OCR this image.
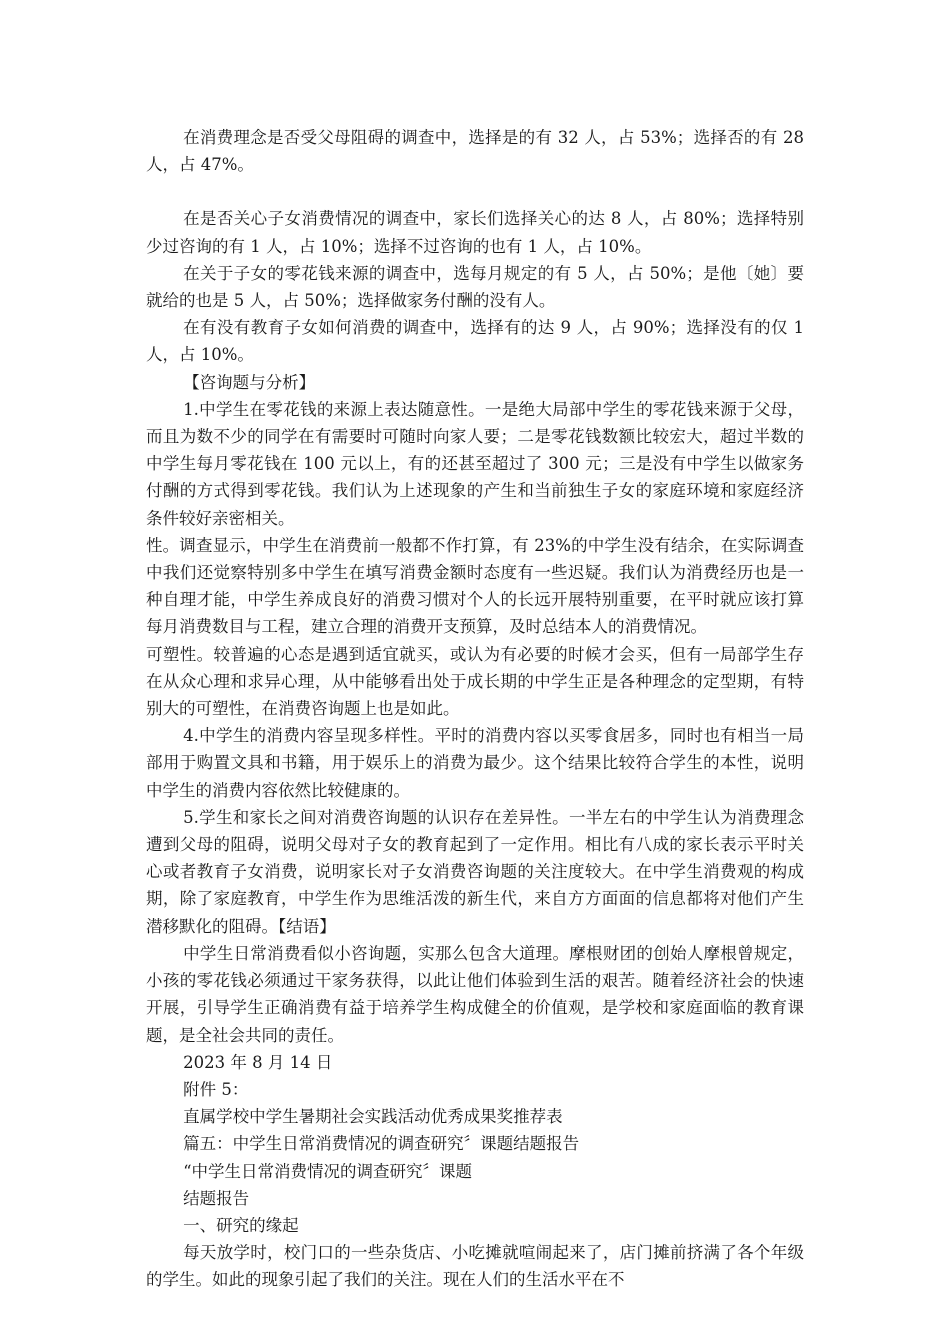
在消费理念是否受父母阻碍的调查中，选择是的有 32 人，占 53%；选择否的有 28 人，占 47%。

在是否关心子女消费情况的调查中，家长们选择关心的达 8 人，占 80%；选择特别少过咨询的有 1 人，占 10%；选择不过咨询的也有 1 人，占 10%。

在关于子女的零花钱来源的调查中，选每月规定的有 5 人，占 50%；是他〔她〕要就给的也是 5 人，占 50%；选择做家务付酬的没有人。

在有没有教育子女如何消费的调查中，选择有的达 9 人，占 90%；选择没有的仅 1 人，占 10%。

【咨询题与分析】

1.中学生在零花钱的来源上表达随意性。一是绝大局部中学生的零花钱来源于父母，而且为数不少的同学在有需要时可随时向家人要；二是零花钱数额比较宏大，超过半数的中学生每月零花钱在 100 元以上，有的还甚至超过了 300 元；三是没有中学生以做家务付酬的方式得到零花钱。我们认为上述现象的产生和当前独生子女的家庭环境和家庭经济条件较好亲密相关。

性。调查显示，中学生在消费前一般都不作打算，有 23%的中学生没有结余，在实际调查中我们还觉察特别多中学生在填写消费金额时态度有一些迟疑。我们认为消费经历也是一种自理才能，中学生养成良好的消费习惯对个人的长远开展特别重要，在平时就应该打算每月消费数目与工程，建立合理的消费开支预算，及时总结本人的消费情况。

可塑性。较普遍的心态是遇到适宜就买，或认为有必要的时候才会买，但有一局部学生存在从众心理和求异心理，从中能够看出处于成长期的中学生正是各种理念的定型期，有特别大的可塑性，在消费咨询题上也是如此。

4.中学生的消费内容呈现多样性。平时的消费内容以买零食居多，同时也有相当一局部用于购置文具和书籍，用于娱乐上的消费为最少。这个结果比较符合学生的本性，说明中学生的消费内容依然比较健康的。

5.学生和家长之间对消费咨询题的认识存在差异性。一半左右的中学生认为消费理念遭到父母的阻碍，说明父母对子女的教育起到了一定作用。相比有八成的家长表示平时关心或者教育子女消费，说明家长对子女消费咨询题的关注度较大。在中学生消费观的构成期，除了家庭教育，中学生作为思维活泼的新生代，来自方方面面的信息都将对他们产生潜移默化的阻碍。【结语】

中学生日常消费看似小咨询题，实那么包含大道理。摩根财团的创始人摩根曾规定，小孩的零花钱必须通过干家务获得，以此让他们体验到生活的艰苦。随着经济社会的快速开展，引导学生正确消费有益于培养学生构成健全的价值观，是学校和家庭面临的教育课题，是全社会共同的责任。

2023 年 8 月 14 日

附件 5：

直属学校中学生暑期社会实践活动优秀成果奖推荐表

篇五：中学生日常消费情况的调查研究〞课题结题报告

“中学生日常消费情况的调查研究〞课题

结题报告

一、研究的缘起

每天放学时，校门口的一些杂货店、小吃摊就喧闹起来了，店门摊前挤满了各个年级的学生。如此的现象引起了我们的关注。现在人们的生活水平在不
